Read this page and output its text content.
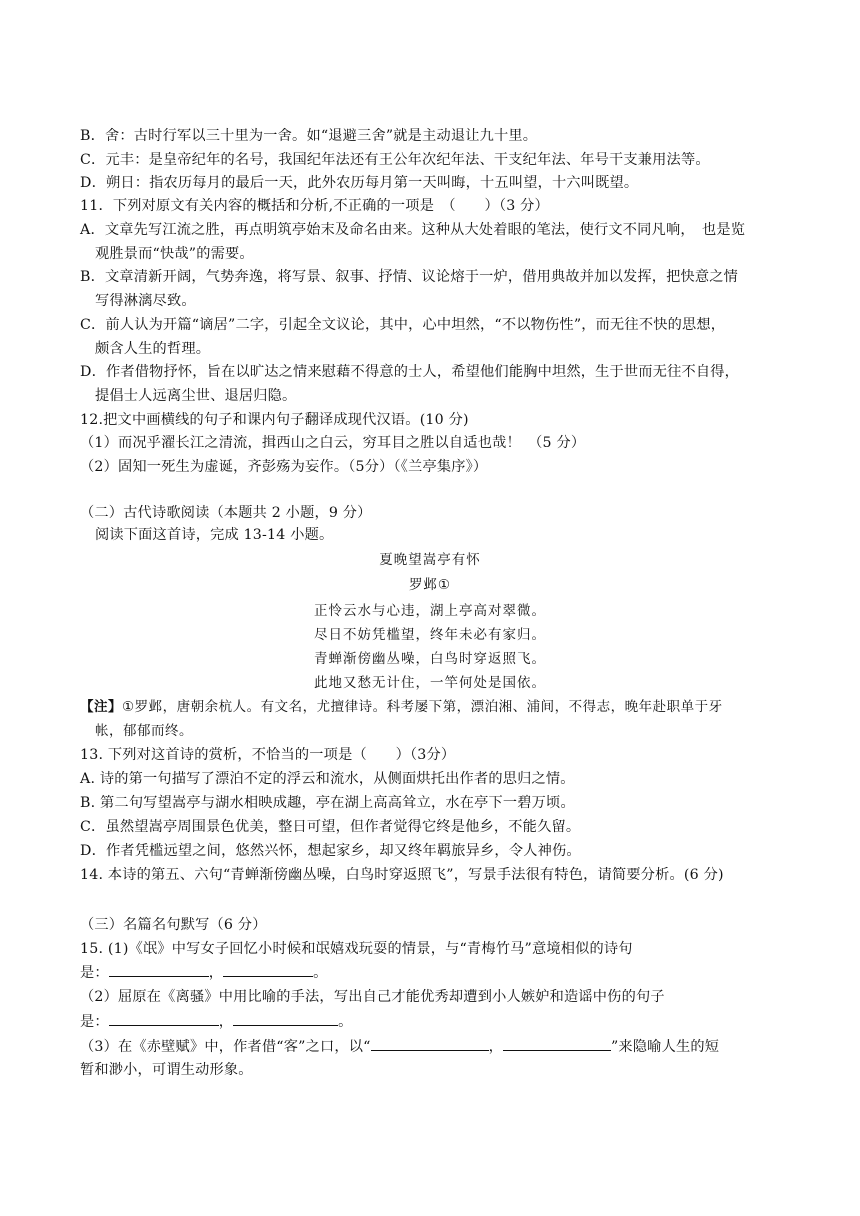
B．舍：古时行军以三十里为一舍。如“退避三舍”就是主动退让九十里。
C．元丰：是皇帝纪年的名号，我国纪年法还有王公年次纪年法、干支纪年法、年号干支兼用法等。
D．朔日：指农历每月的最后一天，此外农历每月第一天叫晦，十五叫望，十六叫既望。
11．下列对原文有关内容的概括和分析,不正确的一项是　（　　）（3 分）
A．文章先写江流之胜，再点明筑亭始末及命名由来。这种从大处着眼的笔法，使行文不同凡响，　也是览
观胜景而“快哉”的需要。
B．文章清新开阔，气势奔逸，将写景、叙事、抒情、议论熔于一炉，借用典故并加以发挥，把快意之情
写得淋漓尽致。
C．前人认为开篇“谪居”二字，引起全文议论，其中，心中坦然，“不以物伤性”，而无往不快的思想，
颇含人生的哲理。
D．作者借物抒怀，旨在以旷达之情来慰藉不得意的士人，希望他们能胸中坦然，生于世而无往不自得，
提倡士人远离尘世、退居归隐。
12.把文中画横线的句子和课内句子翻译成现代汉语。(10 分)
（1）而况乎濯长江之清流，揖西山之白云，穷耳目之胜以自适也哉！　（5 分）
（2）固知一死生为虚诞，齐彭殇为妄作。（5分）（《兰亭集序》）
（二）古代诗歌阅读（本题共 2 小题，9 分）
阅读下面这首诗，完成 13-14 小题。
夏晚望嵩亭有怀
罗邺①
正怜云水与心违，湖上亭高对翠微。
尽日不妨凭槛望，终年未必有家归。
青蝉渐傍幽丛噪，白鸟时穿返照飞。
此地又愁无计住，一竿何处是国依。
【注】①罗邺，唐朝余杭人。有文名，尤擅律诗。科考屡下第，漂泊湘、浦间，不得志，晚年赴职单于牙
帐，郁郁而终。
13. 下列对这首诗的赏析，不恰当的一项是（　　）（3分）
A. 诗的第一句描写了漂泊不定的浮云和流水，从侧面烘托出作者的思归之情。
B. 第二句写望嵩亭与湖水相映成趣，亭在湖上高高耸立，水在亭下一碧万顷。
C．虽然望嵩亭周围景色优美，整日可望，但作者觉得它终是他乡，不能久留。
D．作者凭槛远望之间，悠然兴怀，想起家乡，却又终年羁旅异乡，令人神伤。
14. 本诗的第五、六句“青蝉渐傍幽丛噪，白鸟时穿返照飞”，写景手法很有特色，请简要分析。(6 分)
（三）名篇名句默写（6 分）
15. (1)《氓》中写女子回忆小时候和氓嬉戏玩耍的情景，与“青梅竹马”意境相似的诗句
是：	，	。
（2）屈原在《离骚》中用比喻的手法，写出自己才能优秀却遭到小人嫉妒和造谣中伤的句子
是：	，	。
（3）在《赤壁赋》中，作者借“客”之口，以“	，	”来隐喻人生的短
暂和渺小，可谓生动形象。
